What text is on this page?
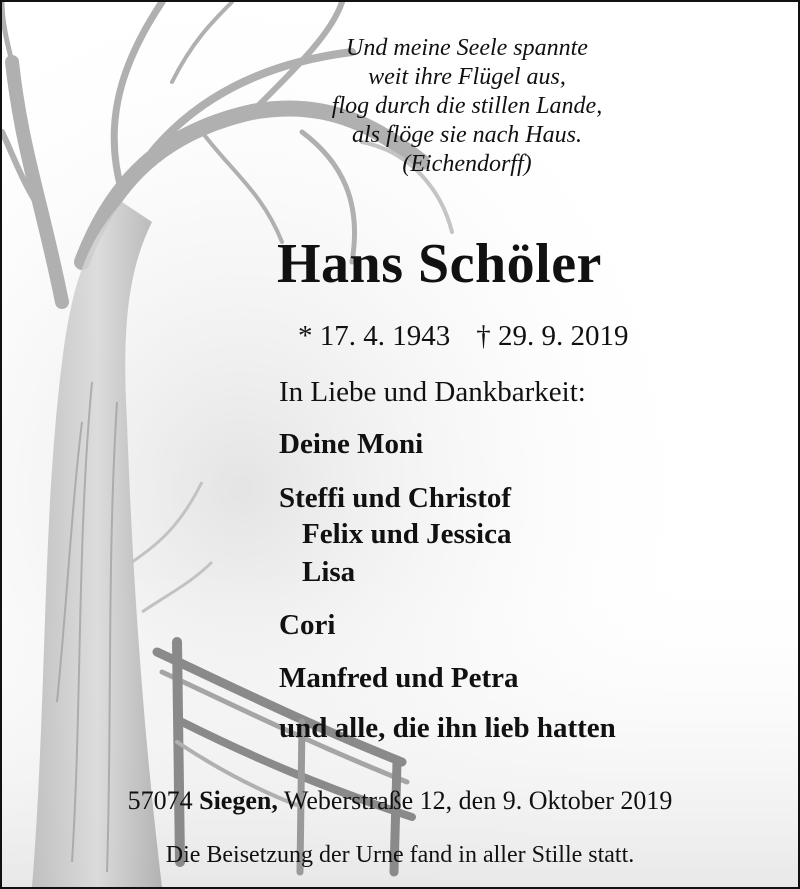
Und meine Seele spannte
weit ihre Flügel aus,
flog durch die stillen Lande,
als flöge sie nach Haus.
(Eichendorff)
Hans Schöler
* 17. 4. 1943 † 29. 9. 2019
In Liebe und Dankbarkeit:
Deine Moni
Steffi und Christof
Felix und Jessica
Lisa
Cori
Manfred und Petra
und alle, die ihn lieb hatten
57074 Siegen, Weberstraße 12, den 9. Oktober 2019
Die Beisetzung der Urne fand in aller Stille statt.
